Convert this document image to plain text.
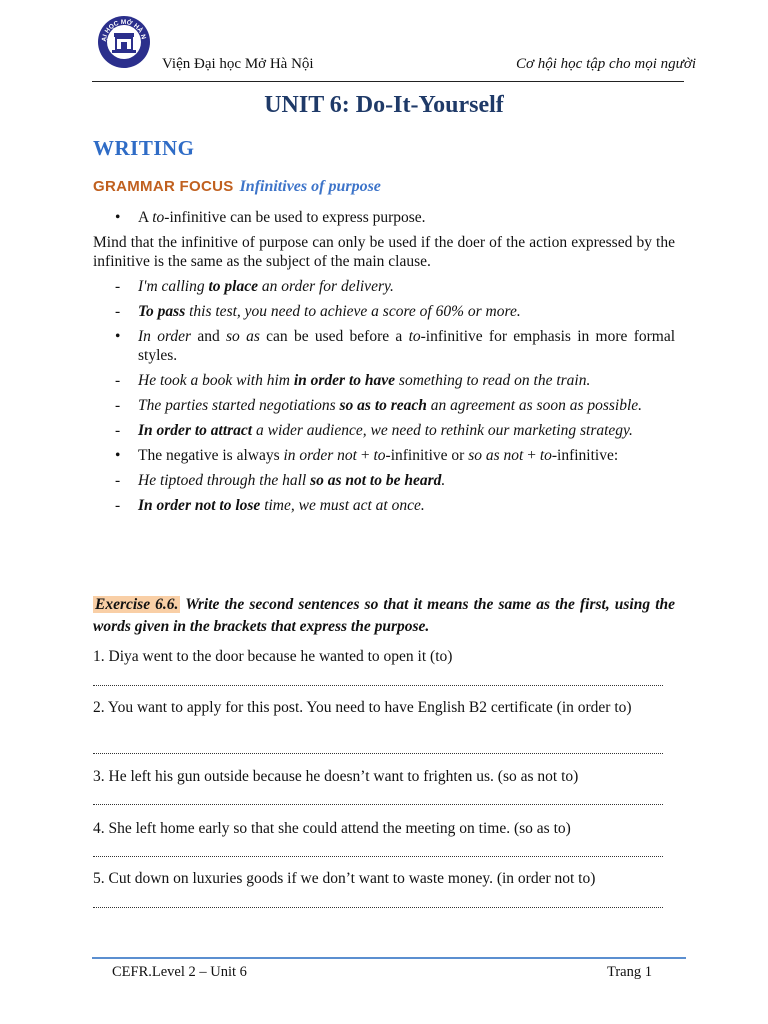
ẠI HỌC MỞ HÀ N
Viện Đại học Mở Hà Nội	Cơ hội học tập cho mọi người
UNIT 6: Do-It-Yourself
WRITING
GRAMMAR FOCUS Infinitives of purpose
• A to-infinitive can be used to express purpose.
Mind that the infinitive of purpose can only be used if the doer of the action expressed by the infinitive is the same as the subject of the main clause.
- I'm calling to place an order for delivery.
- To pass this test, you need to achieve a score of 60% or more.
• In order and so as can be used before a to-infinitive for emphasis in more formal styles.
- He took a book with him in order to have something to read on the train.
- The parties started negotiations so as to reach an agreement as soon as possible.
- In order to attract a wider audience, we need to rethink our marketing strategy.
• The negative is always in order not + to-infinitive or so as not + to-infinitive:
- He tiptoed through the hall so as not to be heard.
- In order not to lose time, we must act at once.
Exercise 6.6. Write the second sentences so that it means the same as the first, using the words given in the brackets that express the purpose.
1. Diya went to the door because he wanted to open it (to)
2. You want to apply for this post. You need to have English B2 certificate (in order to)
3. He left his gun outside because he doesn’t want to frighten us. (so as not to)
4. She left home early so that she could attend the meeting on time. (so as to)
5. Cut down on luxuries goods if we don’t want to waste money. (in order not to)
CEFR.Level 2 – Unit 6	Trang 1
